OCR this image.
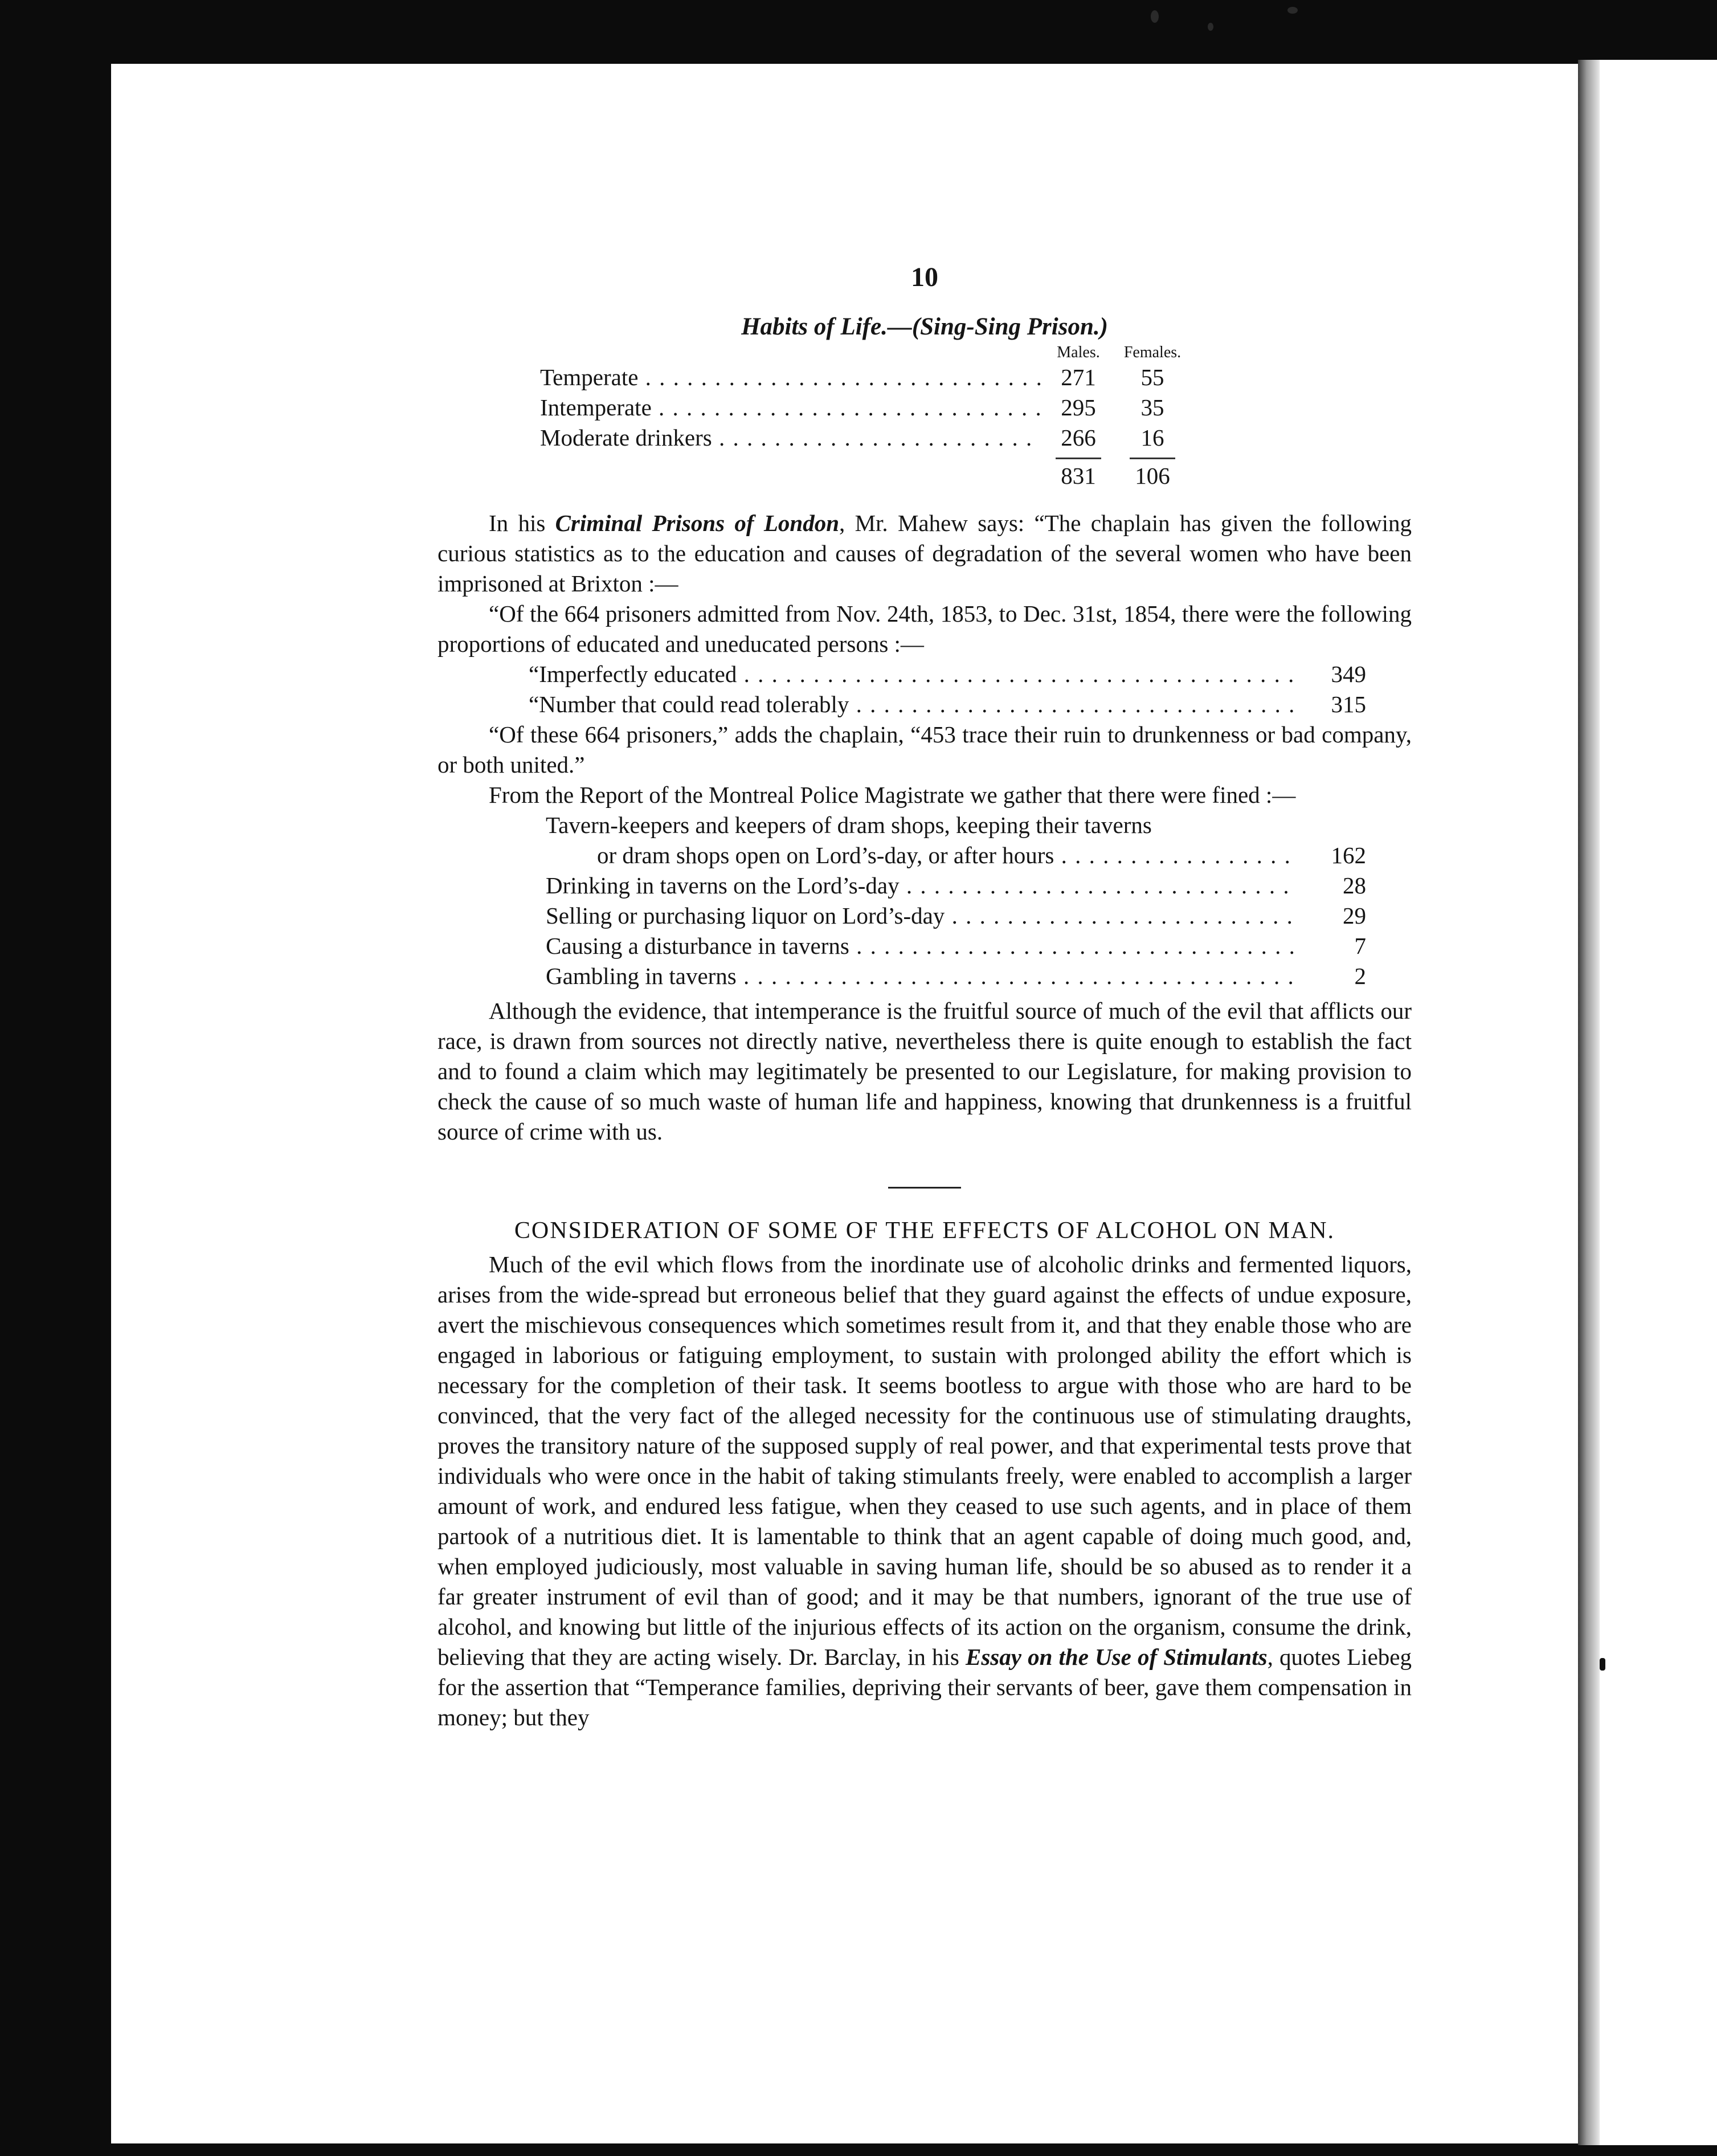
10
Habits of Life.—(Sing-Sing Prison.)
Males.	Females.
Temperate . . .	271	55
Intemperate . . .	295	35
Moderate drinkers . . .	266	16
831	106

In his Criminal Prisons of London, Mr. Mahew says: “The chaplain has given the following curious statistics as to the education and causes of degradation of the several women who have been imprisoned at Brixton :—

“Of the 664 prisoners admitted from Nov. 24th, 1853, to Dec. 31st, 1854, there were the following proportions of educated and uneducated persons :—

“Imperfectly educated . . .	349
“Number that could read tolerably . . .	315

“Of these 664 prisoners,” adds the chaplain, “453 trace their ruin to drunkenness or bad company, or both united.”

From the Report of the Montreal Police Magistrate we gather that there were fined :—

Tavern-keepers and keepers of dram shops, keeping their taverns
or dram shops open on Lord’s-day, or after hours . . .	162
Drinking in taverns on the Lord’s-day . . .	28
Selling or purchasing liquor on Lord’s-day . . .	29
Causing a disturbance in taverns . . .	7
Gambling in taverns . . .	2

Although the evidence, that intemperance is the fruitful source of much of the evil that afflicts our race, is drawn from sources not directly native, nevertheless there is quite enough to establish the fact and to found a claim which may legitimately be presented to our Legislature, for making provision to check the cause of so much waste of human life and happiness, knowing that drunkenness is a fruitful source of crime with us.

CONSIDERATION OF SOME OF THE EFFECTS OF ALCOHOL ON MAN.

Much of the evil which flows from the inordinate use of alcoholic drinks and fermented liquors, arises from the wide-spread but erroneous belief that they guard against the effects of undue exposure, avert the mischievous consequences which sometimes result from it, and that they enable those who are engaged in laborious or fatiguing employment, to sustain with prolonged ability the effort which is necessary for the completion of their task. It seems bootless to argue with those who are hard to be convinced, that the very fact of the alleged necessity for the continuous use of stimulating draughts, proves the transitory nature of the supposed supply of real power, and that experimental tests prove that individuals who were once in the habit of taking stimulants freely, were enabled to accomplish a larger amount of work, and endured less fatigue, when they ceased to use such agents, and in place of them partook of a nutritious diet. It is lamentable to think that an agent capable of doing much good, and, when employed judiciously, most valuable in saving human life, should be so abused as to render it a far greater instrument of evil than of good; and it may be that numbers, ignorant of the true use of alcohol, and knowing but little of the injurious effects of its action on the organism, consume the drink, believing that they are acting wisely. Dr. Barclay, in his Essay on the Use of Stimulants, quotes Liebeg for the assertion that “Temperance families, depriving their servants of beer, gave them compensation in money; but they
